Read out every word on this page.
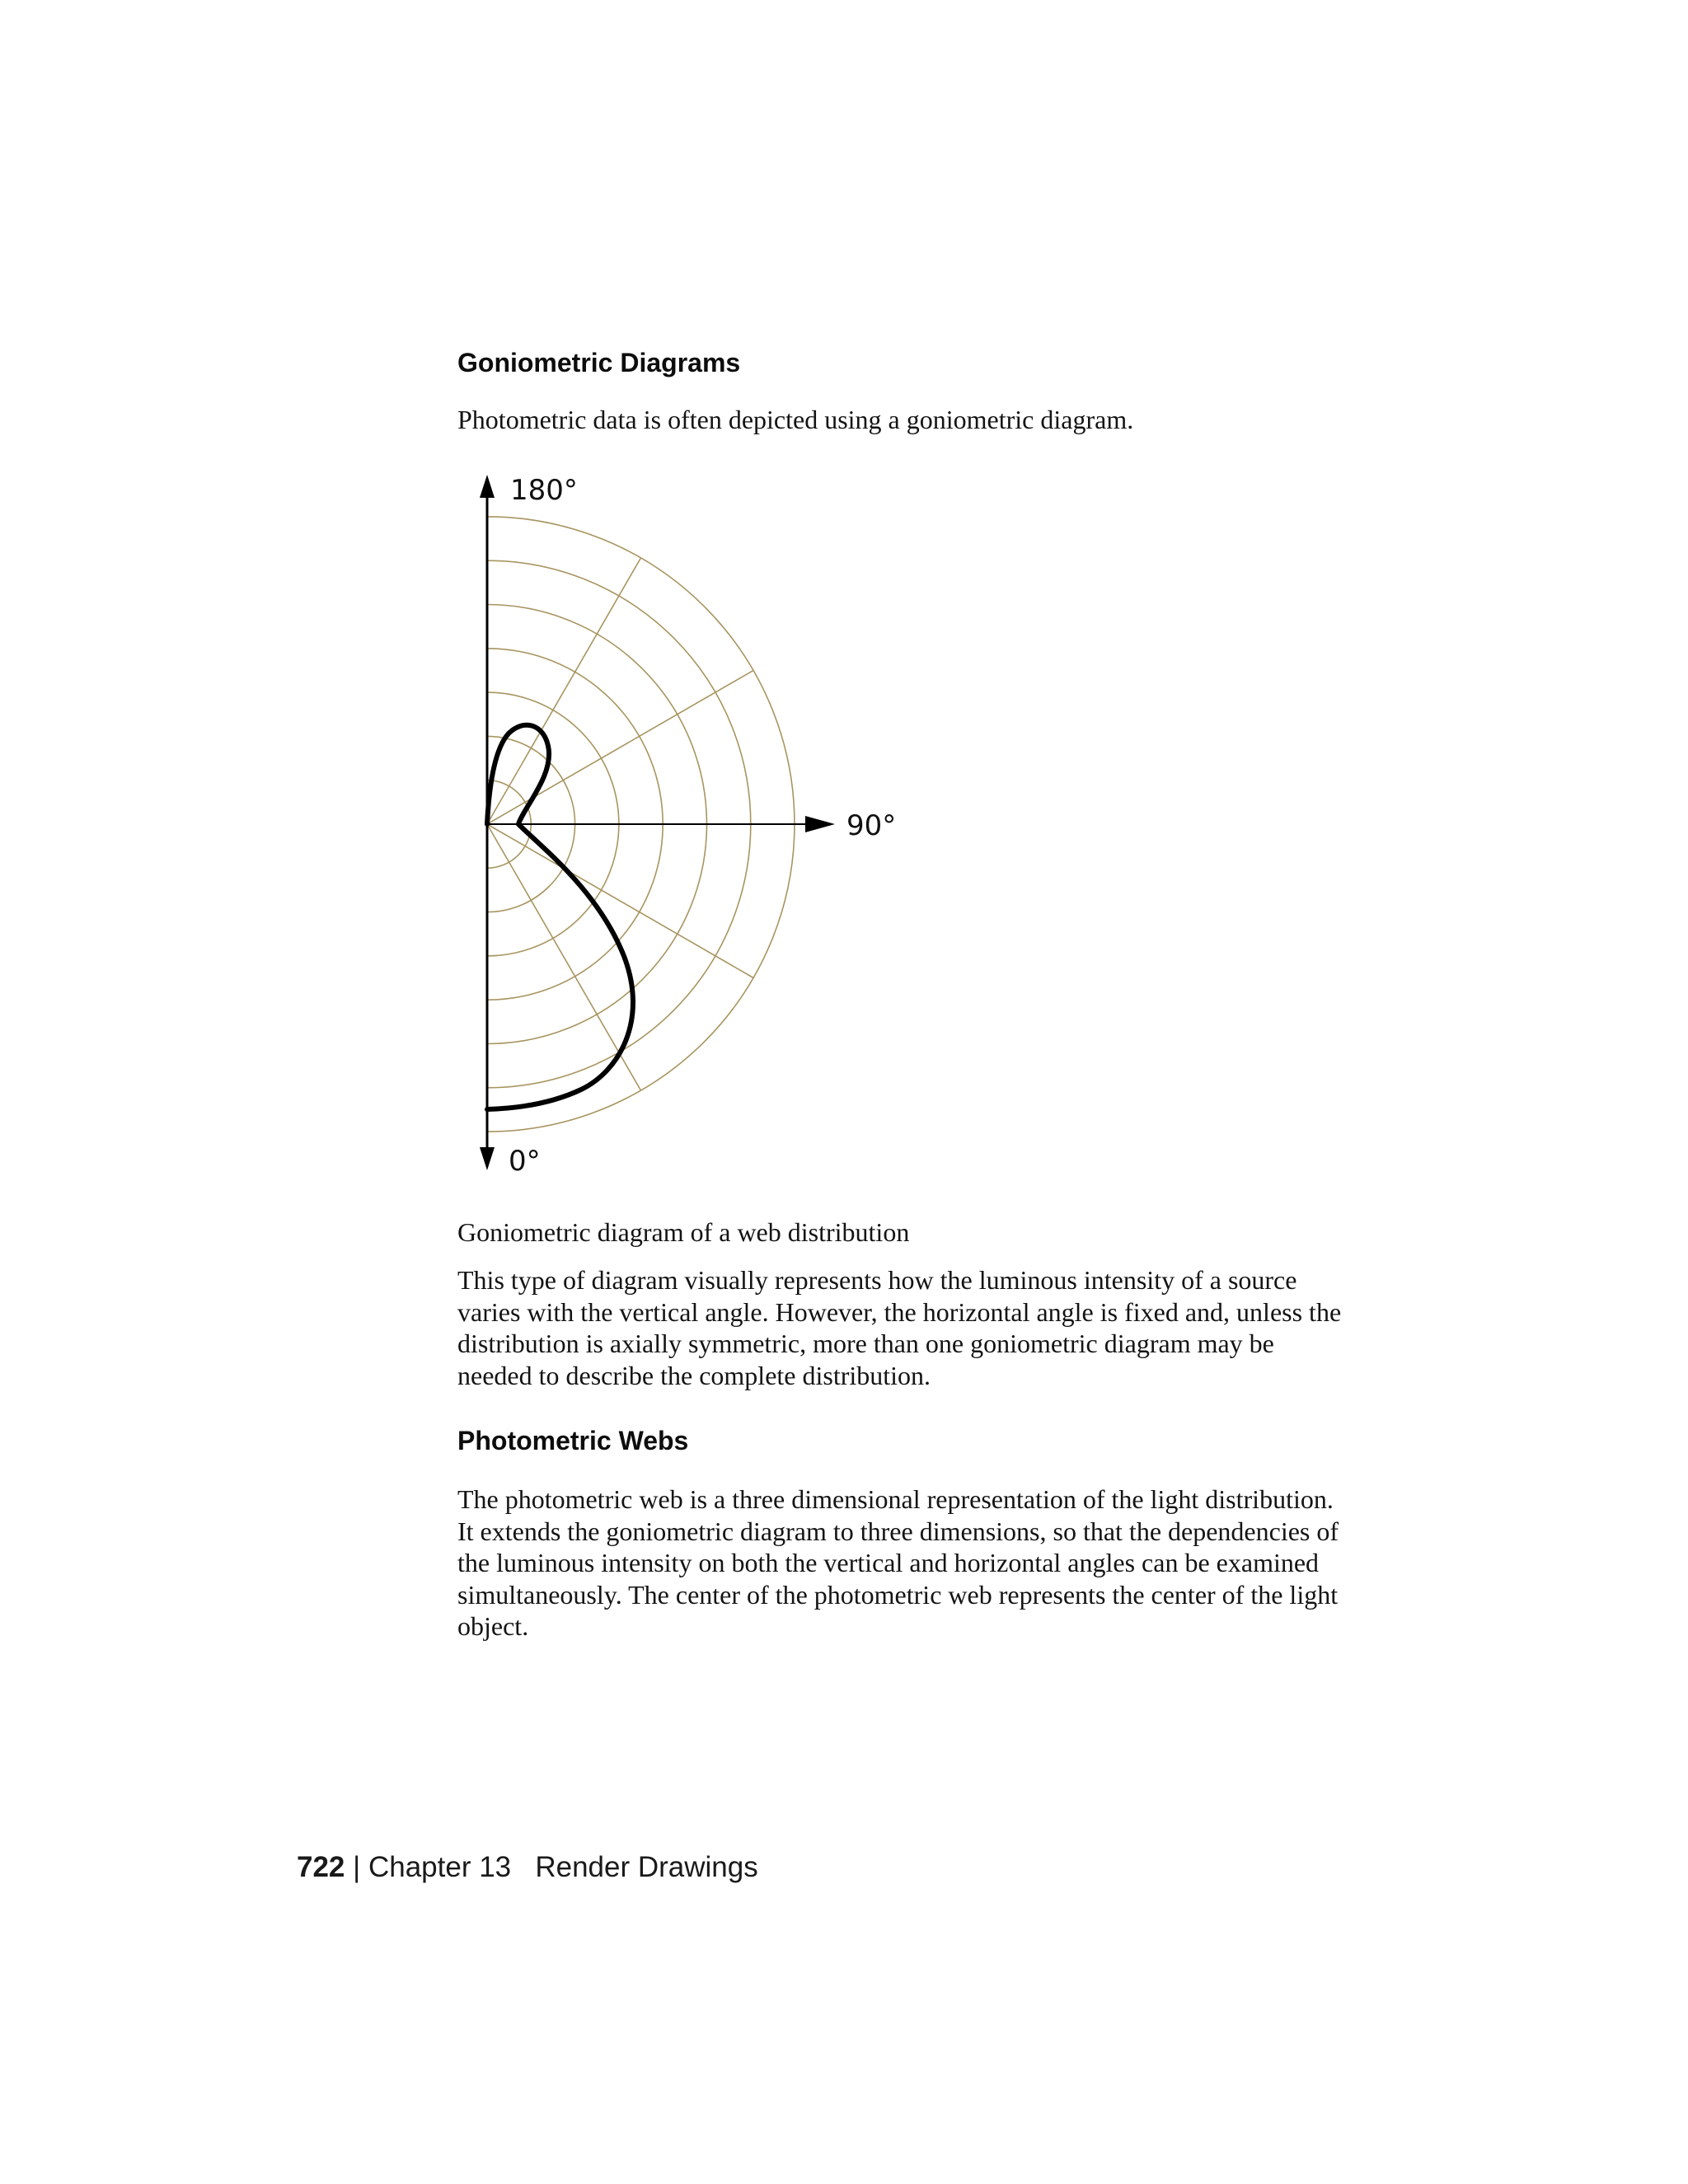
Goniometric Diagrams

Photometric data is often depicted using a goniometric diagram.

180°
90°
0°

Goniometric diagram of a web distribution

This type of diagram visually represents how the luminous intensity of a source varies with the vertical angle. However, the horizontal angle is fixed and, unless the distribution is axially symmetric, more than one goniometric diagram may be needed to describe the complete distribution.

Photometric Webs

The photometric web is a three dimensional representation of the light distribution. It extends the goniometric diagram to three dimensions, so that the dependencies of the luminous intensity on both the vertical and horizontal angles can be examined simultaneously. The center of the photometric web represents the center of the light object.

722 | Chapter 13 Render Drawings
